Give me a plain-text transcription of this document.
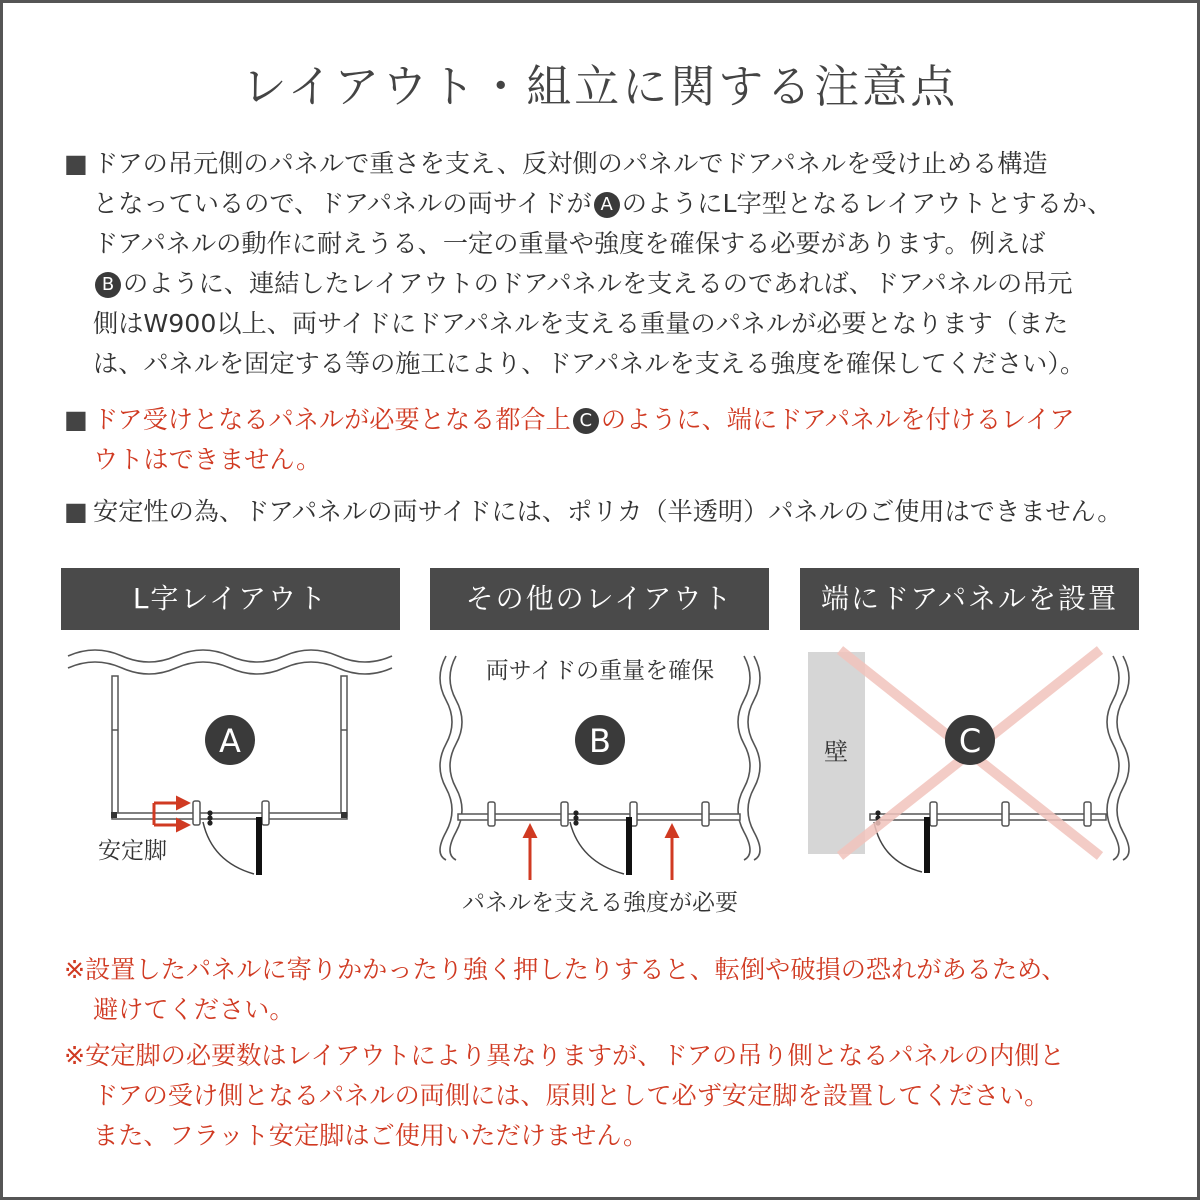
レイアウト・組立に関する注意点
■ ドアの吊元側のパネルで重さを支え、反対側のパネルでドアパネルを受け止める構造
となっているので、ドアパネルの両サイドが A のようにL字型となるレイアウトとするか、
ドアパネルの動作に耐えうる、一定の重量や強度を確保する必要があります。例えば
B のように、連結したレイアウトのドアパネルを支えるのであれば、ドアパネルの吊元
側はW900以上、両サイドにドアパネルを支える重量のパネルが必要となります（また
は、パネルを固定する等の施工により、ドアパネルを支える強度を確保してください）。
■ ドア受けとなるパネルが必要となる都合上 C のように、端にドアパネルを付けるレイア
ウトはできません。
■ 安定性の為、ドアパネルの両サイドには、ポリカ（半透明）パネルのご使用はできません。
L字レイアウト	その他のレイアウト	端にドアパネルを設置
A
安定脚
B
両サイドの重量を確保
パネルを支える強度が必要
壁	C
※設置したパネルに寄りかかったり強く押したりすると、転倒や破損の恐れがあるため、
避けてください。
※安定脚の必要数はレイアウトにより異なりますが、ドアの吊り側となるパネルの内側と
ドアの受け側となるパネルの両側には、原則として必ず安定脚を設置してください。
また、フラット安定脚はご使用いただけません。
